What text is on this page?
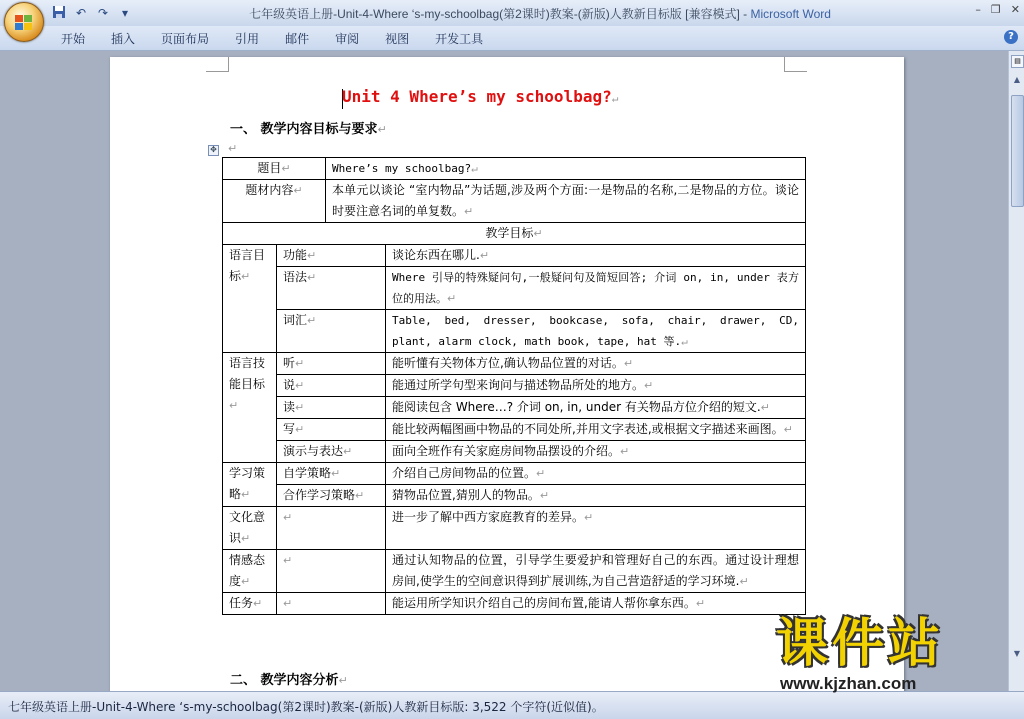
↶ ↷	▾	七年级英语上册-Unit-4-Where ‘s-my-schoolbag(第2课时)教案-(新版)人教新目标版 [兼容模式] - Microsoft Word	– ❐ ✕
开始	插入	页面布局	引用	邮件	审阅	视图	开发工具	?
Unit 4 Where’s my schoolbag?↵
一、 教学内容目标与要求↵
✥ ↵
题目↵		Where’s my schoolbag?↵	
题材内容↵		本单元以谈论 “室内物品”为话题,涉及两个方面:一是物品的名称,二是物品的方位。谈论时要注意名词的单复数。↵	
教学目标↵			
语言目标↵	功能↵		谈论东西在哪儿.↵
	语法↵		Where 引导的特殊疑问句,一般疑问句及简短回答; 介词 on, in, under 表方位的用法。↵
	词汇↵		Table, bed, dresser, bookcase, sofa, chair, drawer, CD, plant, alarm clock, math book, tape, hat 等.↵
语言技能目标↵	听↵		能听懂有关物体方位,确认物品位置的对话。↵
	说↵		能通过所学句型来询问与描述物品所处的地方。↵
	读↵		能阅读包含 Where…? 介词 on, in, under 有关物品方位介绍的短文.↵
	写↵		能比较两幅图画中物品的不同处所,并用文字表述,或根据文字描述来画图。↵
	演示与表达↵		面向全班作有关家庭房间物品摆设的介绍。↵
学习策略↵	自学策略↵		介绍自己房间物品的位置。↵
	合作学习策略↵		猜物品位置,猜别人的物品。↵
文化意识↵	↵		进一步了解中西方家庭教育的差异。↵
情感态度↵	↵		通过认知物品的位置，引导学生要爱护和管理好自己的东西。通过设计理想房间,使学生的空间意识得到扩展训练,为自己营造舒适的学习环境.↵
任务↵	↵		能运用所学知识介绍自己的房间布置,能请人帮你拿东西。↵
二、 教学内容分析↵
▤
▲
▼
七年级英语上册-Unit-4-Where ‘s-my-schoolbag(第2课时)教案-(新版)人教新目标版: 3,522 个字符(近似值)。
课件站
www.kjzhan.com
